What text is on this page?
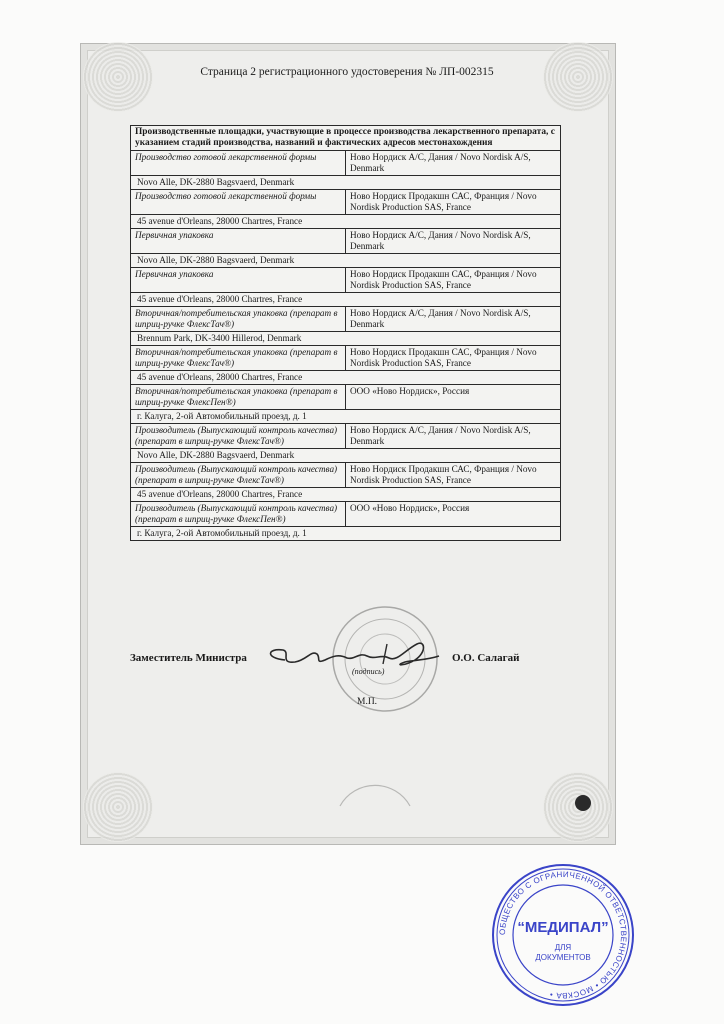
Страница 2 регистрационного удостоверения № ЛП-002315
Производственные площадки, участвующие в процессе производства лекарственного препарата, с указанием стадий производства, названий и фактических адресов местонахождения	
Производство готовой лекарственной формы	Ново Нордиск А/С, Дания / Novo Nordisk A/S, Denmark
Novo Alle, DK-2880 Bagsvaerd, Denmark	
Производство готовой лекарственной формы	Ново Нордиск Продакшн САС, Франция / Novo Nordisk Production SAS, France
45 avenue d'Orleans, 28000 Chartres, France	
Первичная упаковка	Ново Нордиск А/С, Дания / Novo Nordisk A/S, Denmark
Novo Alle, DK-2880 Bagsvaerd, Denmark	
Первичная упаковка	Ново Нордиск Продакшн САС, Франция / Novo Nordisk Production SAS, France
45 avenue d'Orleans, 28000 Chartres, France	
Вторичная/потребительская упаковка (препарат в шприц-ручке ФлексТач®)	Ново Нордиск А/С, Дания / Novo Nordisk A/S, Denmark
Brennum Park, DK-3400 Hillerod, Denmark	
Вторичная/потребительская упаковка (препарат в шприц-ручке ФлексТач®)	Ново Нордиск Продакшн САС, Франция / Novo Nordisk Production SAS, France
45 avenue d'Orleans, 28000 Chartres, France	
Вторичная/потребительская упаковка (препарат в шприц-ручке ФлексПен®)	ООО «Ново Нордиск», Россия
г. Калуга, 2-ой Автомобильный проезд, д. 1	
Производитель (Выпускающий контроль качества) (препарат в шприц-ручке ФлексТач®)	Ново Нордиск А/С, Дания / Novo Nordisk A/S, Denmark
Novo Alle, DK-2880 Bagsvaerd, Denmark	
Производитель (Выпускающий контроль качества) (препарат в шприц-ручке ФлексТач®)	Ново Нордиск Продакшн САС, Франция / Novo Nordisk Production SAS, France
45 avenue d'Orleans, 28000 Chartres, France	
Производитель (Выпускающий контроль качества) (препарат в шприц-ручке ФлексПен®)	ООО «Ново Нордиск», Россия
г. Калуга, 2-ой Автомобильный проезд, д. 1	
Заместитель Министра	О.О. Салагай
(подпись)
М.П.
ОБЩЕСТВО С ОГРАНИЧЕННОЙ ОТВЕТСТВЕННОСТЬЮ • МОСКВА •
“МЕДИПАЛ”
ДЛЯ
ДОКУМЕНТОВ
